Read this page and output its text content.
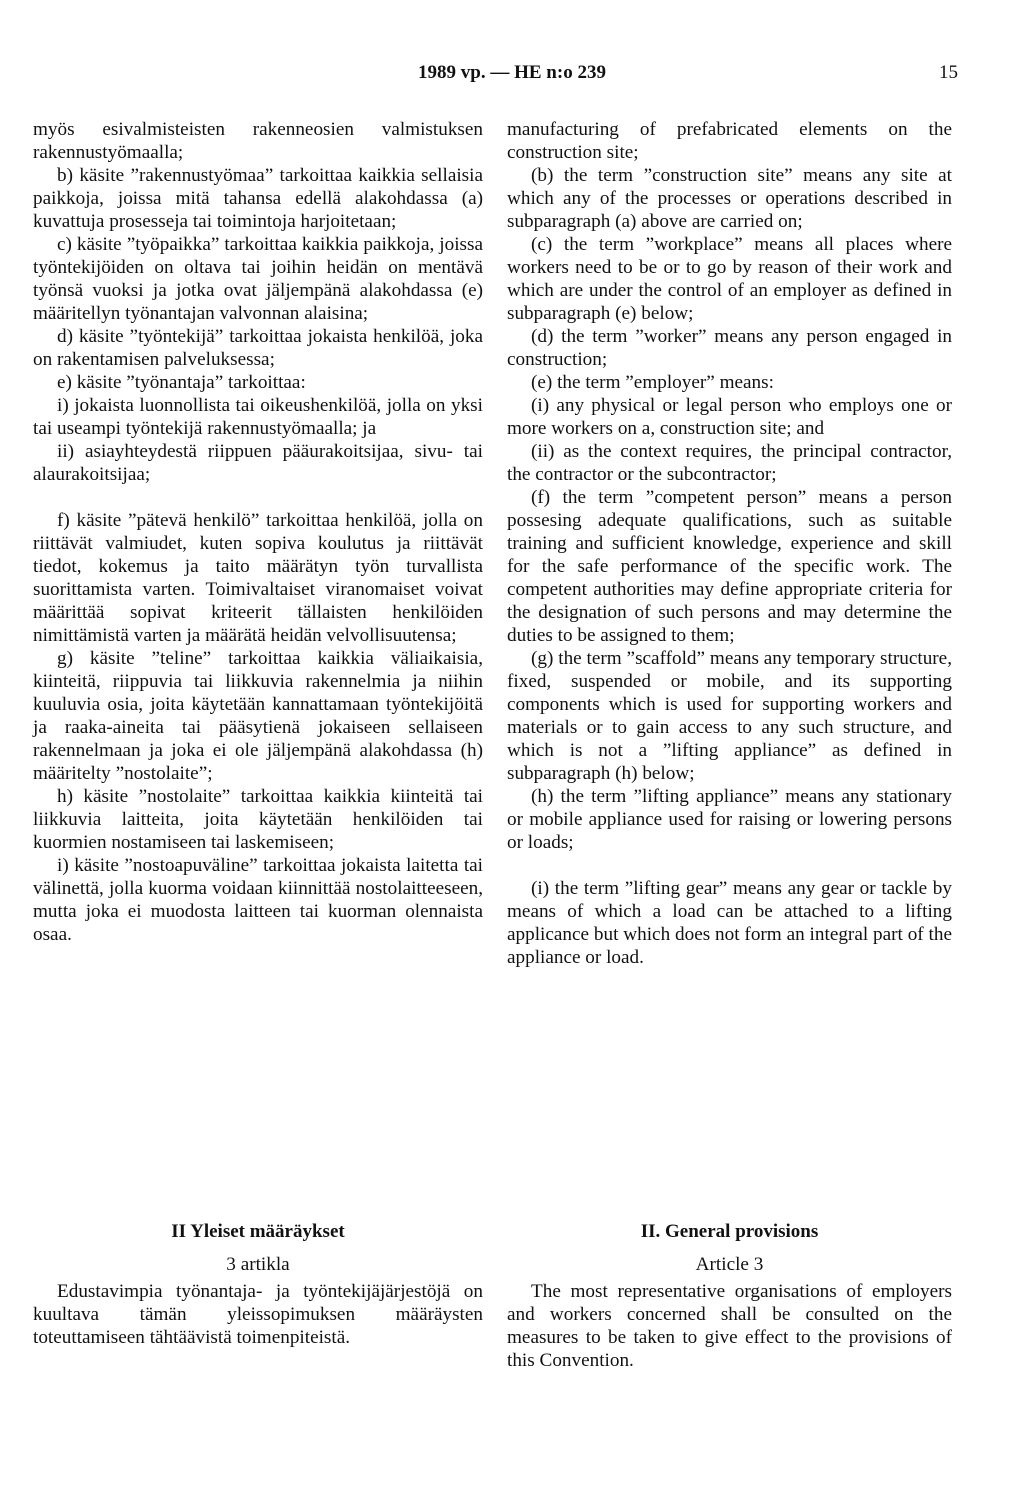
1989 vp. — HE n:o 239	15

myös esivalmisteisten rakenneosien valmistuksen rakennustyömaalla;

b) käsite ”rakennustyömaa” tarkoittaa kaikkia sellaisia paikkoja, joissa mitä tahansa edellä alakohdassa (a) kuvattuja prosesseja tai toimintoja harjoitetaan;

c) käsite ”työpaikka” tarkoittaa kaikkia paikkoja, joissa työntekijöiden on oltava tai joihin heidän on mentävä työnsä vuoksi ja jotka ovat jäljempänä alakohdassa (e) määritellyn työnantajan valvonnan alaisina;

d) käsite ”työntekijä” tarkoittaa jokaista henkilöä, joka on rakentamisen palveluksessa;

e) käsite ”työnantaja” tarkoittaa:

i) jokaista luonnollista tai oikeushenkilöä, jolla on yksi tai useampi työntekijä rakennustyömaalla; ja

ii) asiayhteydestä riippuen pääurakoitsijaa, sivu- tai alaurakoitsijaa;

f) käsite ”pätevä henkilö” tarkoittaa henkilöä, jolla on riittävät valmiudet, kuten sopiva koulutus ja riittävät tiedot, kokemus ja taito määrätyn työn turvallista suorittamista varten. Toimivaltaiset viranomaiset voivat määrittää sopivat kriteerit tällaisten henkilöiden nimittämistä varten ja määrätä heidän velvollisuutensa;

g) käsite ”teline” tarkoittaa kaikkia väliaikaisia, kiinteitä, riippuvia tai liikkuvia rakennelmia ja niihin kuuluvia osia, joita käytetään kannattamaan työntekijöitä ja raaka-aineita tai pääsytienä jokaiseen sellaiseen rakennelmaan ja joka ei ole jäljempänä alakohdassa (h) määritelty ”nostolaite”;

h) käsite ”nostolaite” tarkoittaa kaikkia kiinteitä tai liikkuvia laitteita, joita käytetään henkilöiden tai kuormien nostamiseen tai laskemiseen;

i) käsite ”nostoapuväline” tarkoittaa jokaista laitetta tai välinettä, jolla kuorma voidaan kiinnittää nostolaitteeseen, mutta joka ei muodosta laitteen tai kuorman olennaista osaa.

manufacturing of prefabricated elements on the construction site;

(b) the term ”construction site” means any site at which any of the processes or operations described in subparagraph (a) above are carried on;

(c) the term ”workplace” means all places where workers need to be or to go by reason of their work and which are under the control of an employer as defined in subparagraph (e) below;

(d) the term ”worker” means any person engaged in construction;

(e) the term ”employer” means:

(i) any physical or legal person who employs one or more workers on a, construction site; and

(ii) as the context requires, the principal contractor, the contractor or the subcontractor;

(f) the term ”competent person” means a person possesing adequate qualifications, such as suitable training and sufficient knowledge, experience and skill for the safe performance of the specific work. The competent authorities may define appropriate criteria for the designation of such persons and may determine the duties to be assigned to them;

(g) the term ”scaffold” means any temporary structure, fixed, suspended or mobile, and its supporting components which is used for supporting workers and materials or to gain access to any such structure, and which is not a ”lifting appliance” as defined in subparagraph (h) below;

(h) the term ”lifting appliance” means any stationary or mobile appliance used for raising or lowering persons or loads;

(i) the term ”lifting gear” means any gear or tackle by means of which a load can be attached to a lifting applicance but which does not form an integral part of the appliance or load.

II Yleiset määräykset
3 artikla

Edustavimpia työnantaja- ja työntekijäjärjestöjä on kuultava tämän yleissopimuksen määräysten toteuttamiseen tähtäävistä toimenpiteistä.

II. General provisions
Article 3

The most representative organisations of employers and workers concerned shall be consulted on the measures to be taken to give effect to the provisions of this Convention.
